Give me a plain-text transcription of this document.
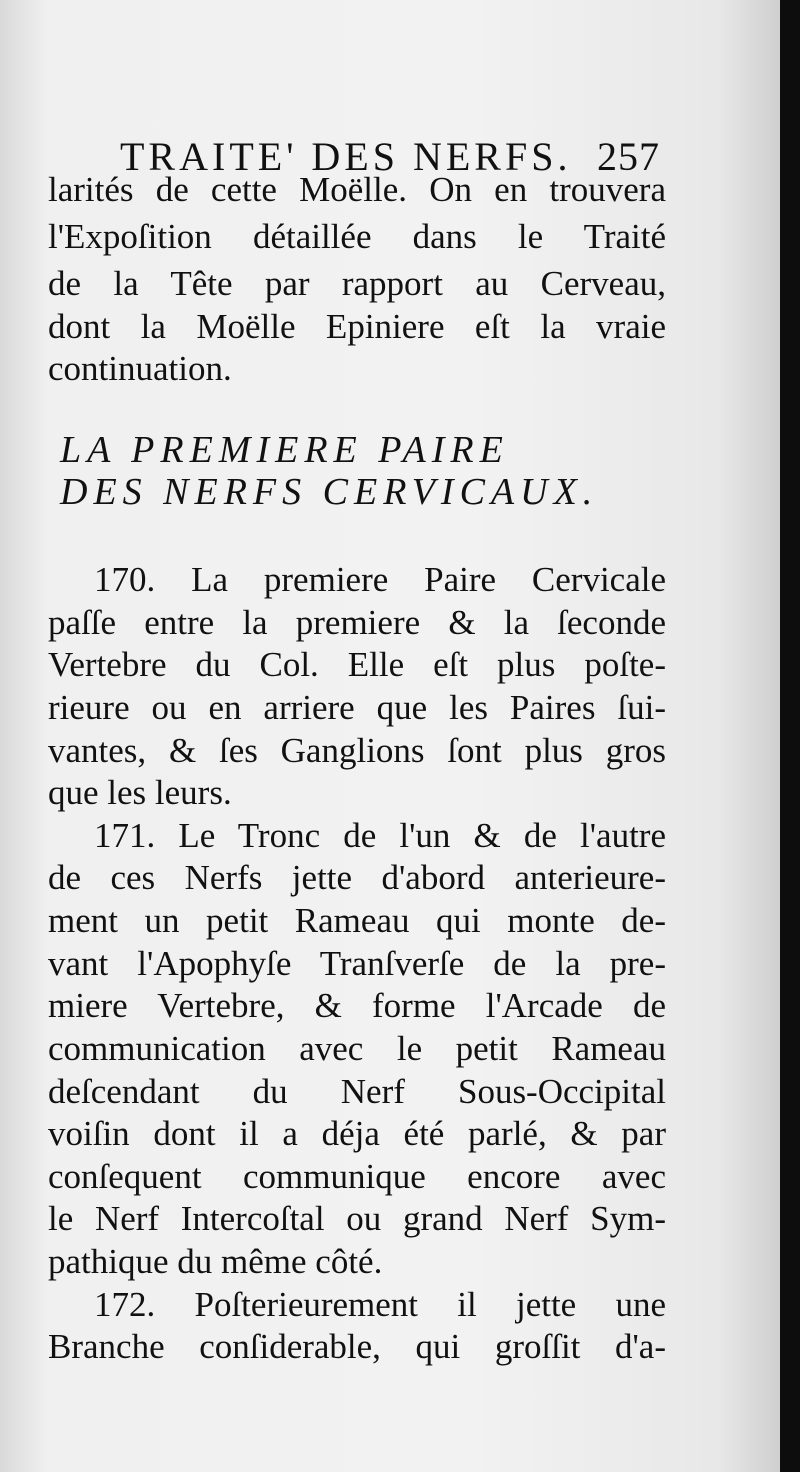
TRAITE' DES NERFS. 257
larités de cette Moëlle. On en trouvera
l'Expoſition détaillée dans le Traité
de la Tête par rapport au Cerveau,
dont la Moëlle Epiniere eſt la vraie
continuation.
LA PREMIERE PAIRE
DES NERFS CERVICAUX.
170. La premiere Paire Cervicale
paſſe entre la premiere & la ſeconde
Vertebre du Col. Elle eſt plus poſte-
rieure ou en arriere que les Paires ſui-
vantes, & ſes Ganglions ſont plus gros
que les leurs.
171. Le Tronc de l'un & de l'autre
de ces Nerfs jette d'abord anterieure-
ment un petit Rameau qui monte de-
vant l'Apophyſe Tranſverſe de la pre-
miere Vertebre, & forme l'Arcade de
communication avec le petit Rameau
deſcendant du Nerf Sous-Occipital
voiſin dont il a déja été parlé, & par
conſequent communique encore avec
le Nerf Intercoſtal ou grand Nerf Sym-
pathique du même côté.
172. Poſterieurement il jette une
Branche conſiderable, qui groſſit d'a-
